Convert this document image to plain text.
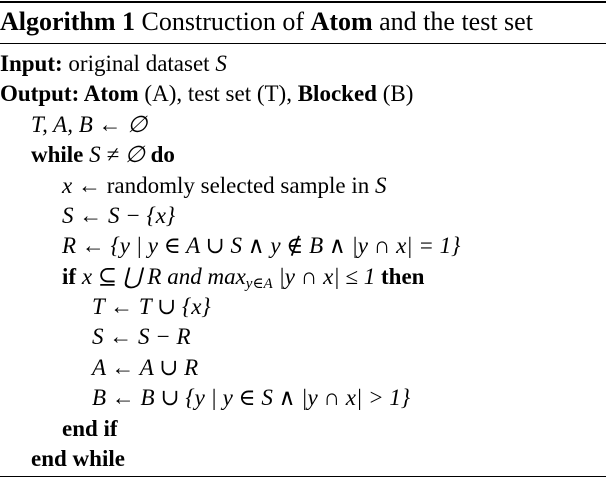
Algorithm 1 Construction of Atom and the test set
Input: original dataset S
Output: Atom (A), test set (T), Blocked (B)
T, A, B ← ∅
while S ≠ ∅ do
x ← randomly selected sample in S
S ← S − {x}
R ← {y | y ∈ A ∪ S ∧ y ∉ B ∧ |y ∩ x| = 1}
if x ⊆ ⋃ R and $\max_{y\in A} |y$ ∩ x| ≤ 1 then
T ← T ∪ {x}
S ← S − R
A ← A ∪ R
B ← B ∪ {y | y ∈ S ∧ |y ∩ x| > 1}
end if
end while
